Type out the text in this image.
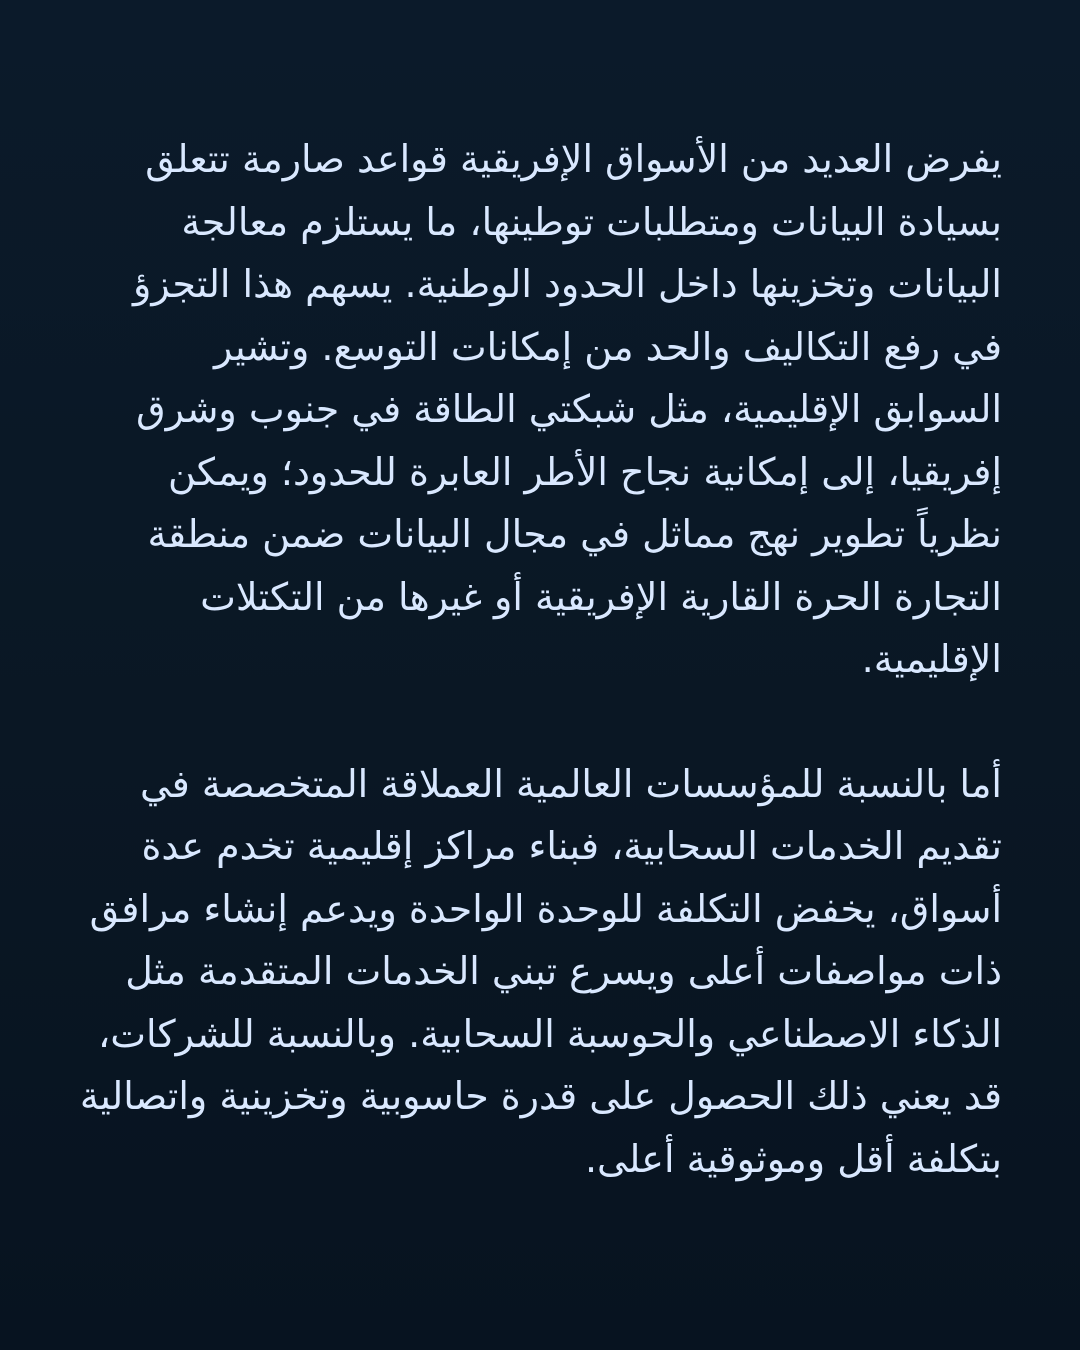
يفرض العديد من الأسواق الإفريقية قواعد صارمة تتعلق بسيادة البيانات ومتطلبات توطينها، ما يستلزم معالجة البيانات وتخزينها داخل الحدود الوطنية. يسهم هذا التجزؤ في رفع التكاليف والحد من إمكانات التوسع. وتشير السوابق الإقليمية، مثل شبكتي الطاقة في جنوب وشرق إفريقيا، إلى إمكانية نجاح الأطر العابرة للحدود؛ ويمكن نظرياً تطوير نهج مماثل في مجال البيانات ضمن منطقة التجارة الحرة القارية الإفريقية أو غيرها من التكتلات الإقليمية.

أما بالنسبة للمؤسسات العالمية العملاقة المتخصصة في تقديم الخدمات السحابية، فبناء مراكز إقليمية تخدم عدة أسواق، يخفض التكلفة للوحدة الواحدة ويدعم إنشاء مرافق ذات مواصفات أعلى ويسرع تبني الخدمات المتقدمة مثل الذكاء الاصطناعي والحوسبة السحابية. وبالنسبة للشركات، قد يعني ذلك الحصول على قدرة حاسوبية وتخزينية واتصالية بتكلفة أقل وموثوقية أعلى.
